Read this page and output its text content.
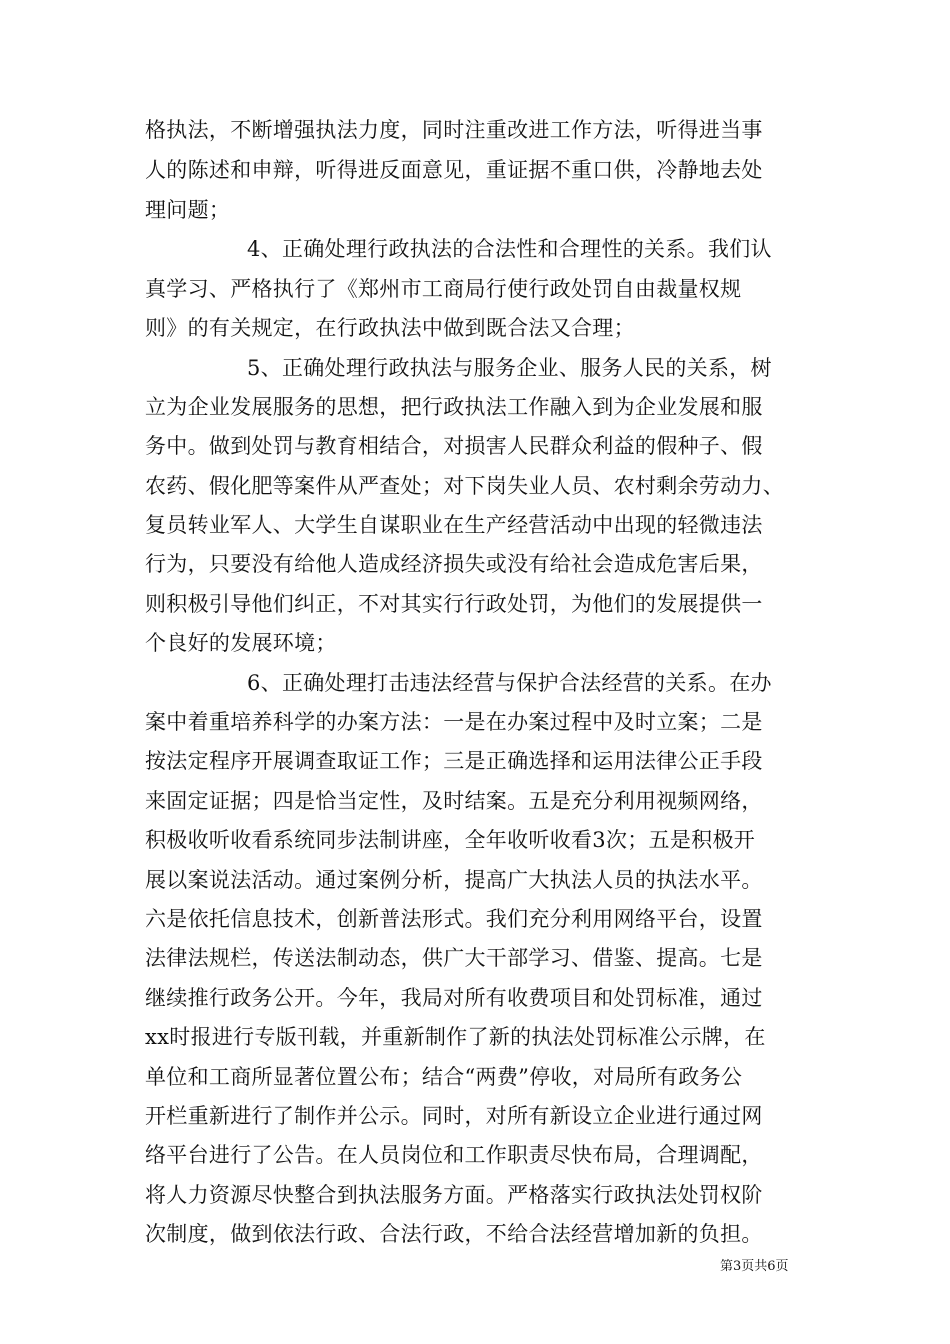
格执法，不断增强执法力度，同时注重改进工作方法，听得进当事
人的陈述和申辩，听得进反面意见，重证据不重口供，冷静地去处
理问题；
4、正确处理行政执法的合法性和合理性的关系。我们认
真学习、严格执行了《郑州市工商局行使行政处罚自由裁量权规
则》的有关规定，在行政执法中做到既合法又合理；
5、正确处理行政执法与服务企业、服务人民的关系，树
立为企业发展服务的思想，把行政执法工作融入到为企业发展和服
务中。做到处罚与教育相结合，对损害人民群众利益的假种子、假
农药、假化肥等案件从严查处；对下岗失业人员、农村剩余劳动力、
复员转业军人、大学生自谋职业在生产经营活动中出现的轻微违法
行为，只要没有给他人造成经济损失或没有给社会造成危害后果，
则积极引导他们纠正，不对其实行行政处罚，为他们的发展提供一
个良好的发展环境；
6、正确处理打击违法经营与保护合法经营的关系。在办
案中着重培养科学的办案方法：一是在办案过程中及时立案；二是
按法定程序开展调查取证工作；三是正确选择和运用法律公正手段
来固定证据；四是恰当定性，及时结案。五是充分利用视频网络，
积极收听收看系统同步法制讲座，全年收听收看3次；五是积极开
展以案说法活动。通过案例分析，提高广大执法人员的执法水平。
六是依托信息技术，创新普法形式。我们充分利用网络平台，设置
法律法规栏，传送法制动态，供广大干部学习、借鉴、提高。七是
继续推行政务公开。今年，我局对所有收费项目和处罚标准，通过
xx时报进行专版刊载，并重新制作了新的执法处罚标准公示牌，在
单位和工商所显著位置公布；结合“两费”停收，对局所有政务公
开栏重新进行了制作并公示。同时，对所有新设立企业进行通过网
络平台进行了公告。在人员岗位和工作职责尽快布局，合理调配，
将人力资源尽快整合到执法服务方面。严格落实行政执法处罚权阶
次制度，做到依法行政、合法行政，不给合法经营增加新的负担。
第3页共6页
